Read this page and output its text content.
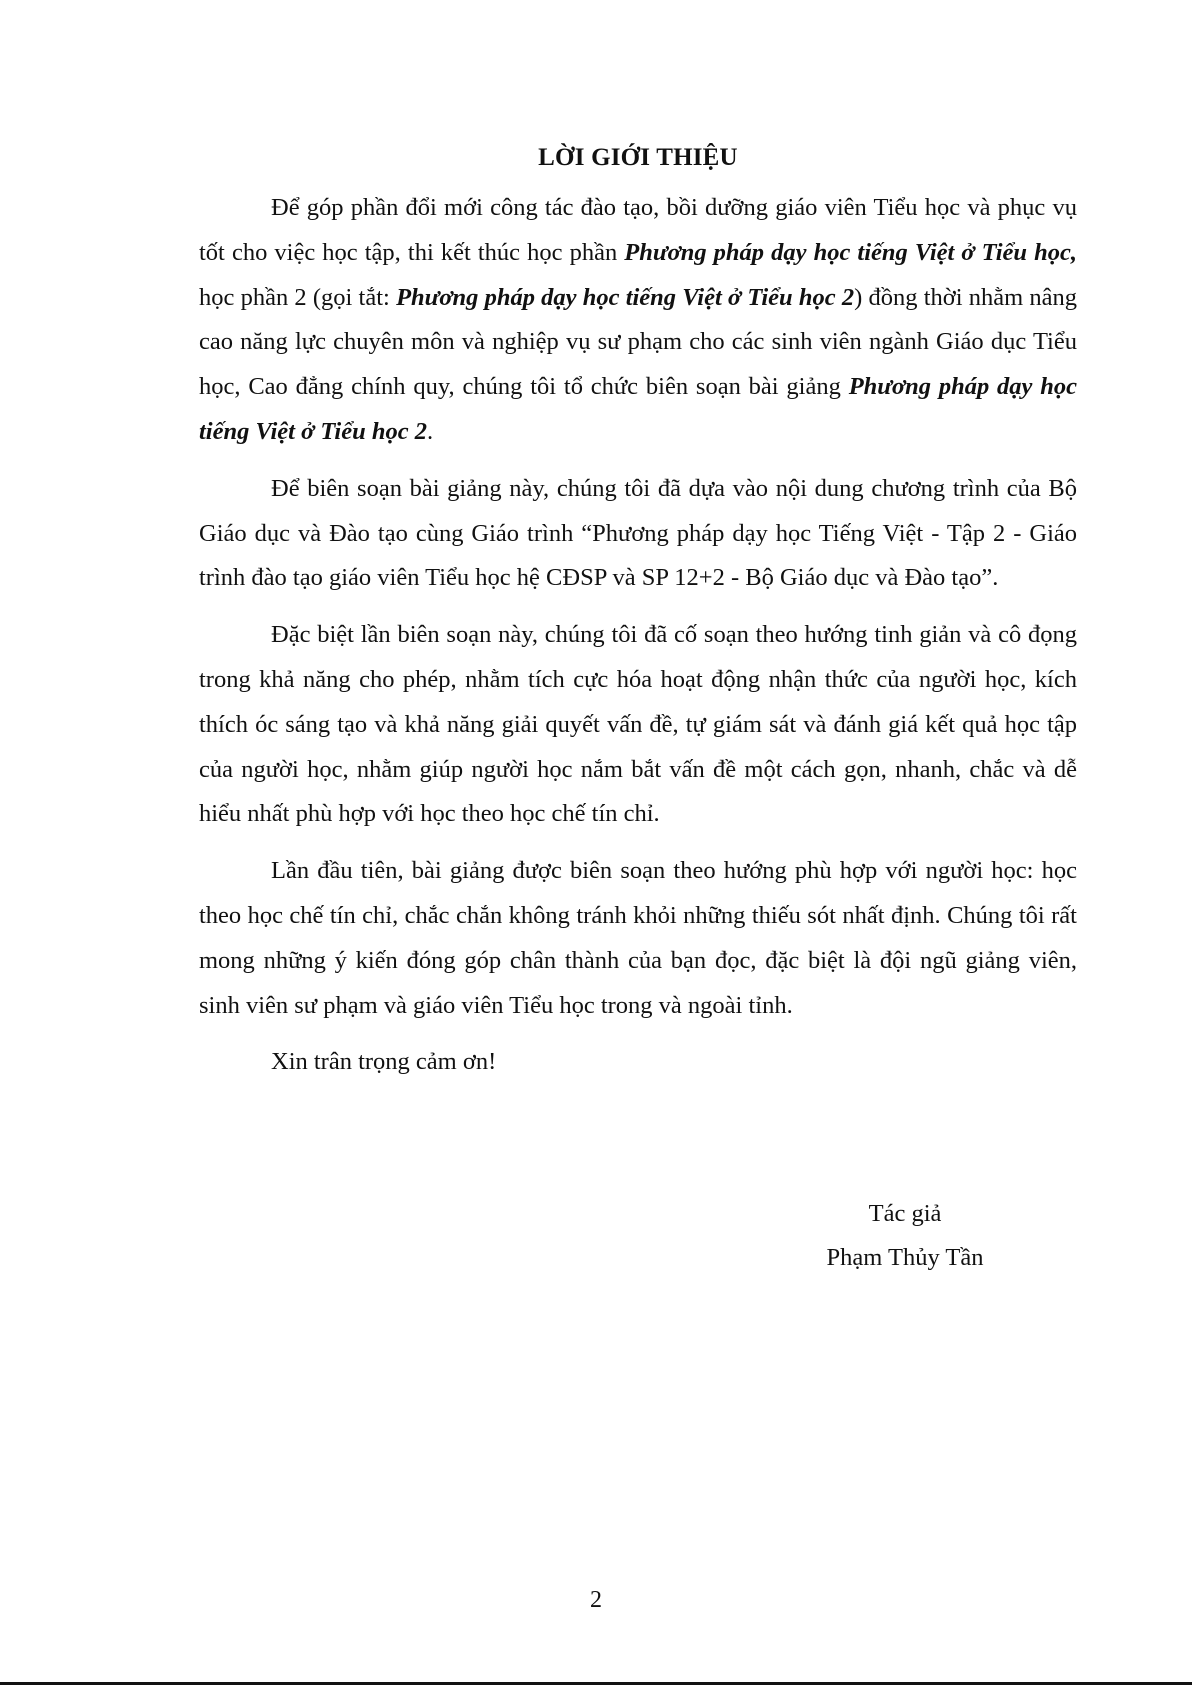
LỜI GIỚI THIỆU

Để góp phần đổi mới công tác đào tạo, bồi dưỡng giáo viên Tiểu học và phục vụ tốt cho việc học tập, thi kết thúc học phần Phương pháp dạy học tiếng Việt ở Tiểu học, học phần 2 (gọi tắt: Phương pháp dạy học tiếng Việt ở Tiểu học 2) đồng thời nhằm nâng cao năng lực chuyên môn và nghiệp vụ sư phạm cho các sinh viên ngành Giáo dục Tiểu học, Cao đẳng chính quy, chúng tôi tổ chức biên soạn bài giảng Phương pháp dạy học tiếng Việt ở Tiểu học 2.

Để biên soạn bài giảng này, chúng tôi đã dựa vào nội dung chương trình của Bộ Giáo dục và Đào tạo cùng Giáo trình “Phương pháp dạy học Tiếng Việt - Tập 2 - Giáo trình đào tạo giáo viên Tiểu học hệ CĐSP và SP 12+2 - Bộ Giáo dục và Đào tạo”.

Đặc biệt lần biên soạn này, chúng tôi đã cố soạn theo hướng tinh giản và cô đọng trong khả năng cho phép, nhằm tích cực hóa hoạt động nhận thức của người học, kích thích óc sáng tạo và khả năng giải quyết vấn đề, tự giám sát và đánh giá kết quả học tập của người học, nhằm giúp người học nắm bắt vấn đề một cách gọn, nhanh, chắc và dễ hiểu nhất phù hợp với học theo học chế tín chỉ.

Lần đầu tiên, bài giảng được biên soạn theo hướng phù hợp với người học: học theo học chế tín chỉ, chắc chắn không tránh khỏi những thiếu sót nhất định. Chúng tôi rất mong những ý kiến đóng góp chân thành của bạn đọc, đặc biệt là đội ngũ giảng viên, sinh viên sư phạm và giáo viên Tiểu học trong và ngoài tỉnh.

Xin trân trọng cảm ơn!

Tác giả
Phạm Thủy Tần
2
